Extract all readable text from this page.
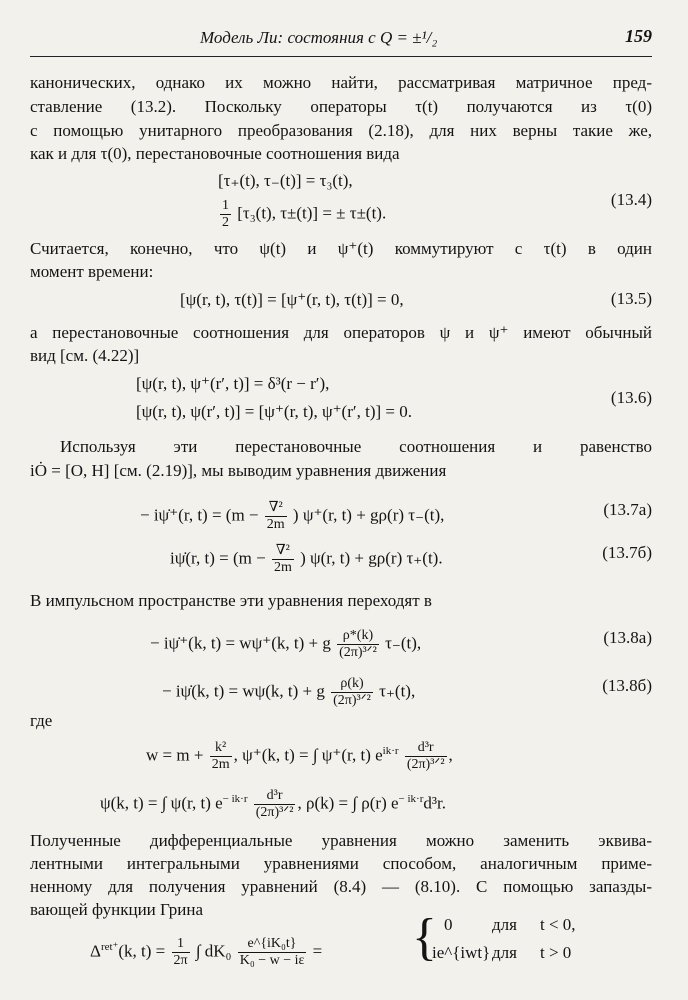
Модель Ли: состояния с Q = ±¹/₂	159
канонических, однако их можно найти, рассматривая матричное пред-
ставление (13.2). Поскольку операторы τ(t) получаются из τ(0)
с помощью унитарного преобразования (2.18), для них верны такие же,
как и для τ(0), перестановочные соотношения вида
[τ₊(t), τ₋(t)] = τ₃(t),
$\frac{1}{2} [\tau_3(t)$, τ±(t)] = ± τ±(t).
(13.4)
Считается, конечно, что ψ(t) и ψ⁺(t) коммутируют с τ(t) в один
момент времени:
[ψ(r, t), τ(t)] = [ψ⁺(r, t), τ(t)] = 0,	(13.5)
а перестановочные соотношения для операторов ψ и ψ⁺ имеют обычный
вид [см. (4.22)]
[ψ(r, t), ψ⁺(r′, t)] = δ³(r − r′),
[ψ(r, t), ψ(r′, t)] = [ψ⁺(r, t), ψ⁺(r′, t)] = 0.
(13.6)
Используя эти перестановочные соотношения и равенство
iȮ = [O, H] [см. (2.19)], мы выводим уравнения движения
− iψ̇⁺(r, $t) = (m - \frac{\text{∇²}}{2m}$ ) ψ⁺(r, t) + gρ(r) τ₋(t),	(13.7а)
iψ̇(r, $t) = (m - \frac{\text{∇²}}{2m}$ ) ψ(r, t) + gρ(r) τ₊(t).	(13.7б)
В импульсном пространстве эти уравнения переходят в
− iψ̇⁺(k, t) = wψ⁺(k, t) + g $\frac{\rho*(k)}{\text{(2π)³ᐟ²}} \tau_-(t)$,	(13.8а)
− iψ̇(k, t) = wψ(k, t) + g $\frac{\rho(k)}{\text{(2π)³ᐟ²}} \tau_+(t)$,	(13.8б)
где
$w = m + \frac{\text{k²}}{2m}$ , ψ⁺(k, t) = ∫ ψ⁺(r, t) $e^{ik\cdot r} \frac{\text{d³r}}{\text{(2π)³ᐟ²}}$ ,
ψ(k, t) = ∫ ψ(r, t) $e^{- ik\cdot r} \frac{\text{d³r}}{\text{(2π)³ᐟ²}}$ , ρ(k) = ∫ ρ(r) $e^{- ik\cdot r}d^3r$.
Полученные дифференциальные уравнения можно заменить эквива-
лентными интегральными уравнениями способом, аналогичным приме-
ненному для получения уравнений (8.4) — (8.10). С помощью запазды-
вающей функции Грина
$\Delta^{ret^+}(k$, $t) = \frac{1}{2\pi}$ ∫ $dK_0 \frac{\text{e\textasciicircum{}\{iK₀t\}}}{\text{K₀ − w − iε}}$ = { 0 для t < 0,
ie^{iwt} для t > 0
